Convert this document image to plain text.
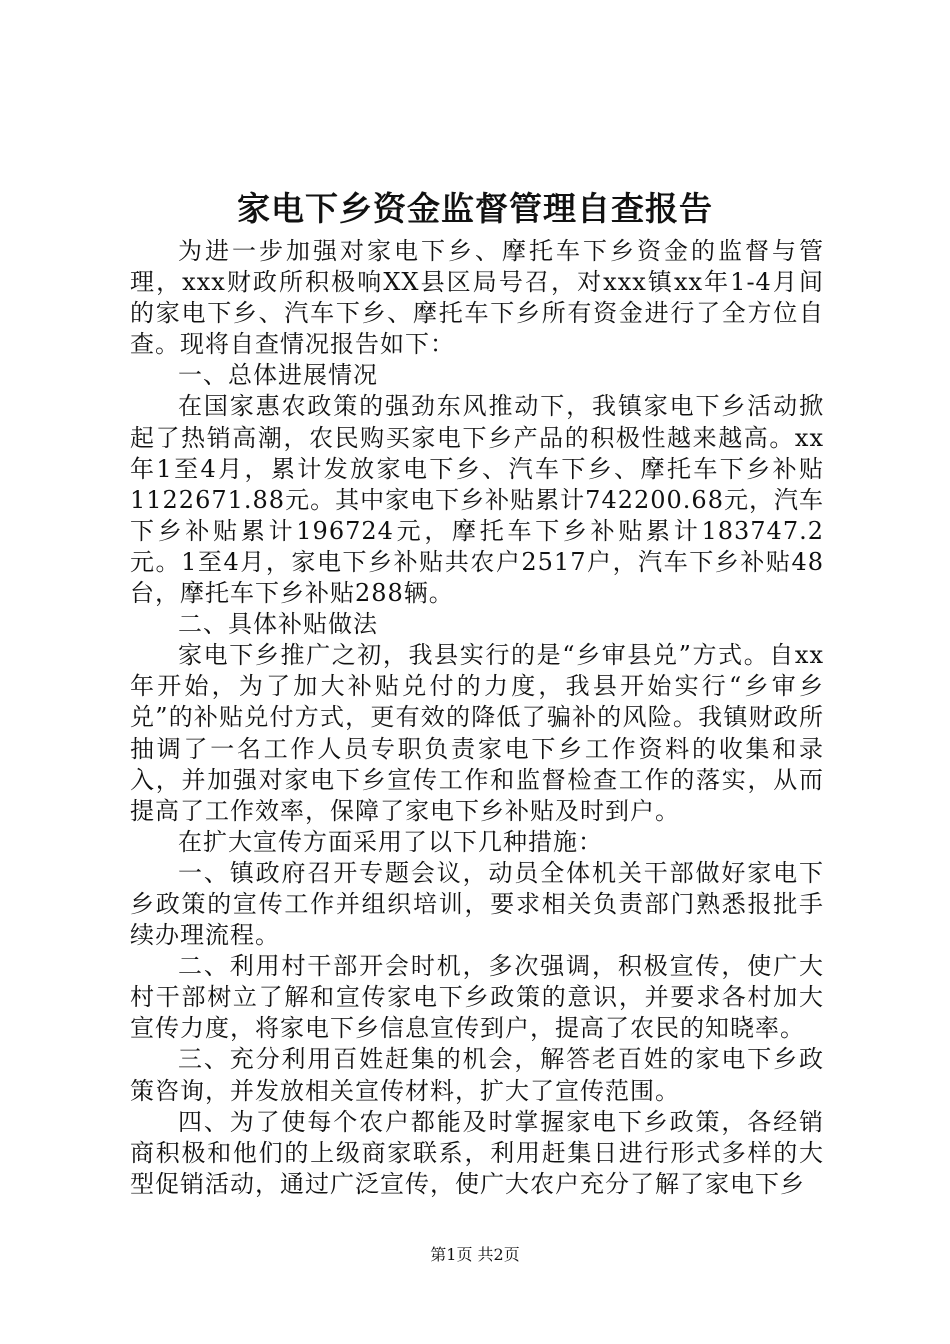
家电下乡资金监督管理自查报告

为进一步加强对家电下乡、摩托车下乡资金的监督与管理，xxx财政所积极响XX县区局号召，对xxx镇xx年1-4月间的家电下乡、汽车下乡、摩托车下乡所有资金进行了全方位自查。现将自查情况报告如下：

一、总体进展情况

在国家惠农政策的强劲东风推动下，我镇家电下乡活动掀起了热销高潮，农民购买家电下乡产品的积极性越来越高。xx年1至4月，累计发放家电下乡、汽车下乡、摩托车下乡补贴1122671.88元。其中家电下乡补贴累计742200.68元，汽车下乡补贴累计196724元，摩托车下乡补贴累计183747.2元。1至4月，家电下乡补贴共农户2517户，汽车下乡补贴48台，摩托车下乡补贴288辆。

二、具体补贴做法

家电下乡推广之初，我县实行的是“乡审县兑”方式。自xx年开始，为了加大补贴兑付的力度，我县开始实行“乡审乡兑”的补贴兑付方式，更有效的降低了骗补的风险。我镇财政所抽调了一名工作人员专职负责家电下乡工作资料的收集和录入，并加强对家电下乡宣传工作和监督检查工作的落实，从而提高了工作效率，保障了家电下乡补贴及时到户。

在扩大宣传方面采用了以下几种措施：

一、镇政府召开专题会议，动员全体机关干部做好家电下乡政策的宣传工作并组织培训，要求相关负责部门熟悉报批手续办理流程。

二、利用村干部开会时机，多次强调，积极宣传，使广大村干部树立了解和宣传家电下乡政策的意识，并要求各村加大宣传力度，将家电下乡信息宣传到户，提高了农民的知晓率。

三、充分利用百姓赶集的机会，解答老百姓的家电下乡政策咨询，并发放相关宣传材料，扩大了宣传范围。

四、为了使每个农户都能及时掌握家电下乡政策，各经销商积极和他们的上级商家联系，利用赶集日进行形式多样的大型促销活动，通过广泛宣传，使广大农户充分了解了家电下乡

第1页 共2页
